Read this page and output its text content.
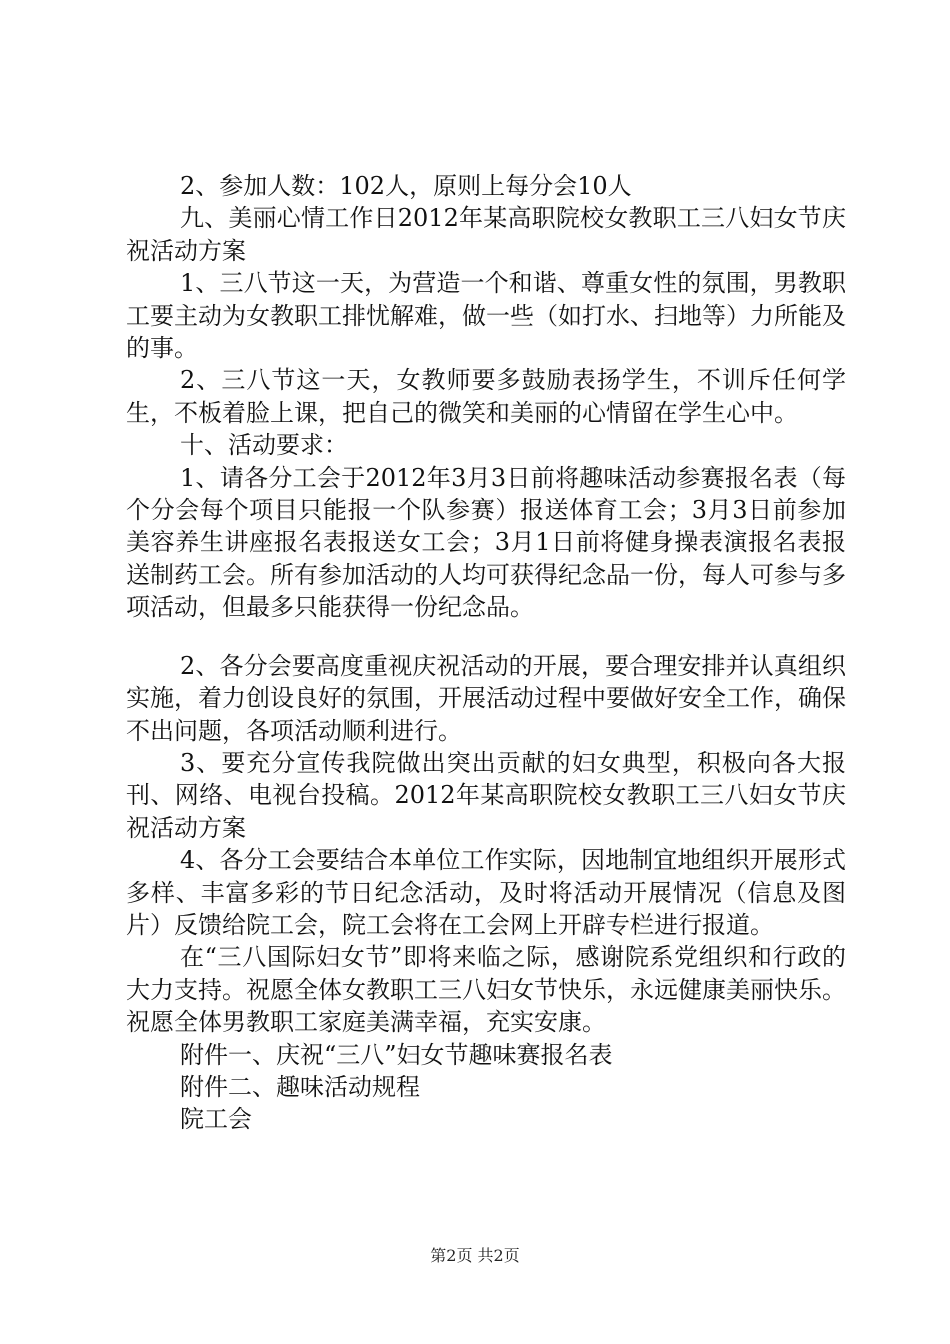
2、参加人数：102人，原则上每分会10人

九、美丽心情工作日2012年某高职院校女教职工三八妇女节庆祝活动方案

1、三八节这一天，为营造一个和谐、尊重女性的氛围，男教职工要主动为女教职工排忧解难，做一些（如打水、扫地等）力所能及的事。

2、三八节这一天，女教师要多鼓励表扬学生，不训斥任何学生，不板着脸上课，把自己的微笑和美丽的心情留在学生心中。

十、活动要求：

1、请各分工会于2012年3月3日前将趣味活动参赛报名表（每个分会每个项目只能报一个队参赛）报送体育工会；3月3日前参加美容养生讲座报名表报送女工会；3月1日前将健身操表演报名表报送制药工会。所有参加活动的人均可获得纪念品一份，每人可参与多项活动，但最多只能获得一份纪念品。

2、各分会要高度重视庆祝活动的开展，要合理安排并认真组织实施，着力创设良好的氛围，开展活动过程中要做好安全工作，确保不出问题，各项活动顺利进行。

3、要充分宣传我院做出突出贡献的妇女典型，积极向各大报刊、网络、电视台投稿。2012年某高职院校女教职工三八妇女节庆祝活动方案

4、各分工会要结合本单位工作实际，因地制宜地组织开展形式多样、丰富多彩的节日纪念活动，及时将活动开展情况（信息及图片）反馈给院工会，院工会将在工会网上开辟专栏进行报道。

在“三八国际妇女节”即将来临之际，感谢院系党组织和行政的大力支持。祝愿全体女教职工三八妇女节快乐，永远健康美丽快乐。祝愿全体男教职工家庭美满幸福，充实安康。

附件一、庆祝“三八”妇女节趣味赛报名表

附件二、趣味活动规程

院工会

第2页 共2页
